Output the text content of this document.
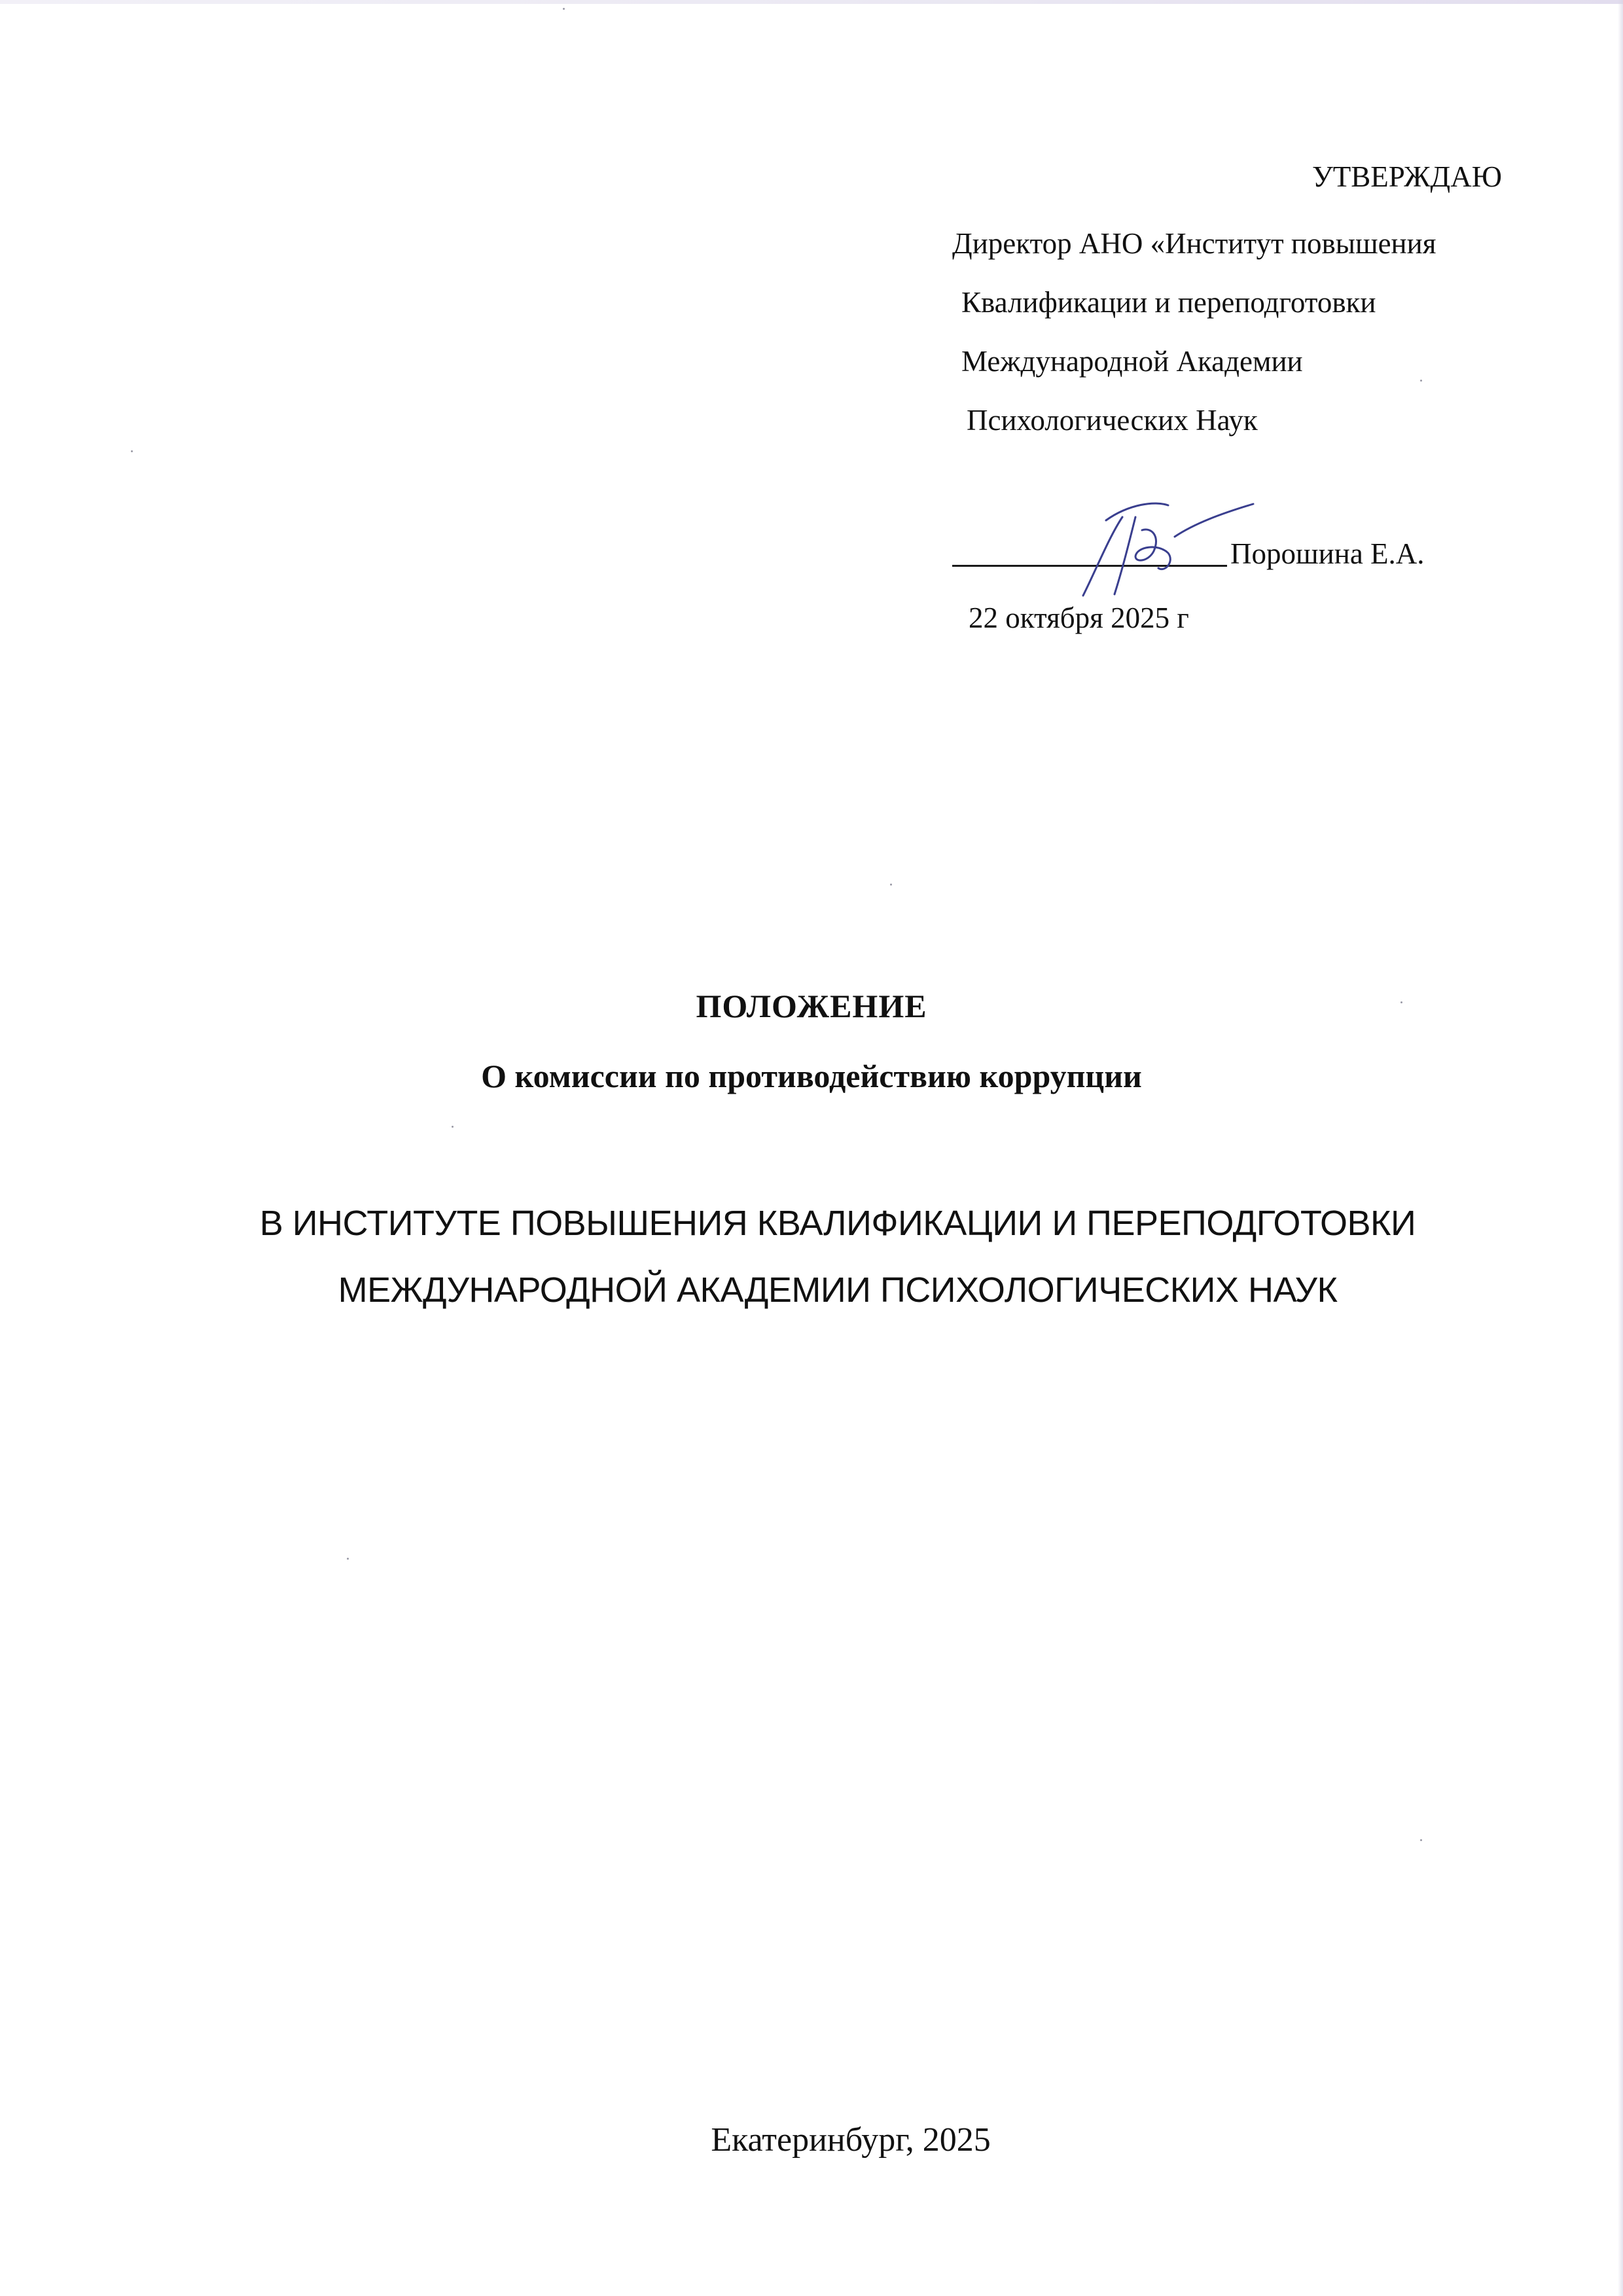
УТВЕРЖДАЮ
Директор АНО «Институт повышения
Квалификации и переподготовки
Международной Академии
Психологических Наук
Порошина Е.А.
22 октября 2025 г
ПОЛОЖЕНИЕ
О комиссии по противодействию коррупции
В ИНСТИТУТЕ ПОВЫШЕНИЯ КВАЛИФИКАЦИИ И ПЕРЕПОДГОТОВКИ
МЕЖДУНАРОДНОЙ АКАДЕМИИ ПСИХОЛОГИЧЕСКИХ НАУК
Екатеринбург, 2025
